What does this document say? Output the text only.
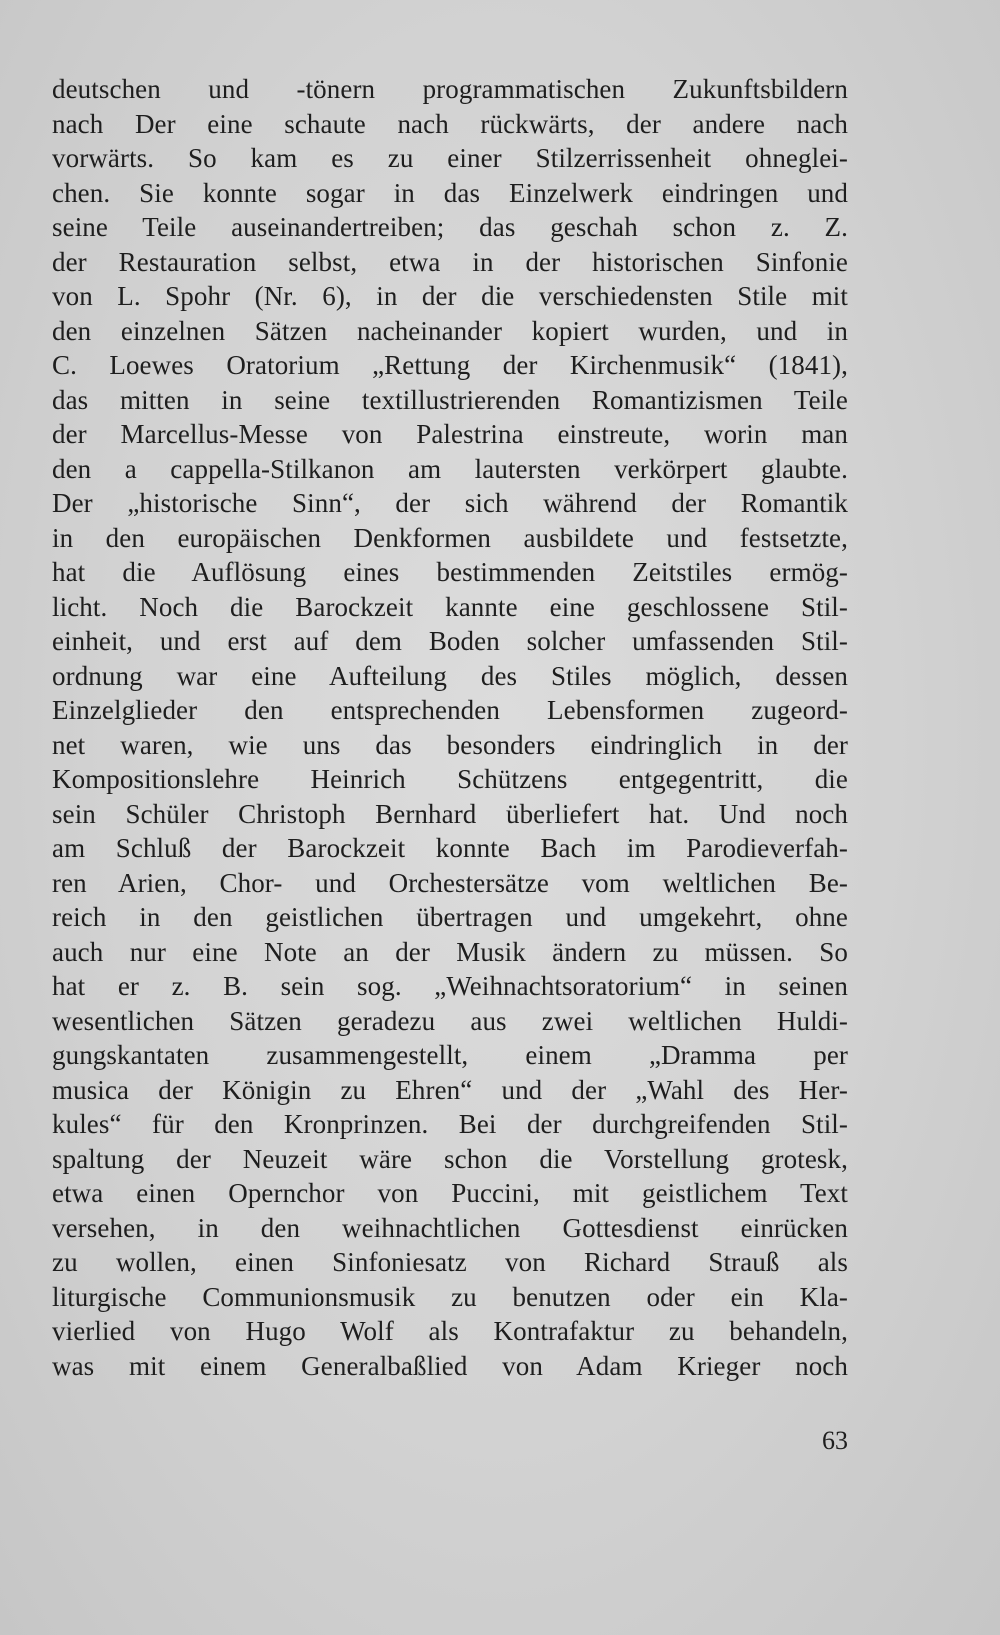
deutschen und -tönern programmatischen Zukunftsbildern
nach Der eine schaute nach rückwärts, der andere nach
vorwärts. So kam es zu einer Stilzerrissenheit ohneglei-
chen. Sie konnte sogar in das Einzelwerk eindringen und
seine Teile auseinandertreiben; das geschah schon z. Z.
der Restauration selbst, etwa in der historischen Sinfonie
von L. Spohr (Nr. 6), in der die verschiedensten Stile mit
den einzelnen Sätzen nacheinander kopiert wurden, und in
C. Loewes Oratorium „Rettung der Kirchenmusik“ (1841),
das mitten in seine textillustrierenden Romantizismen Teile
der Marcellus-Messe von Palestrina einstreute, worin man
den a cappella-Stilkanon am lautersten verkörpert glaubte.
Der „historische Sinn“, der sich während der Romantik
in den europäischen Denkformen ausbildete und festsetzte,
hat die Auflösung eines bestimmenden Zeitstiles ermög-
licht. Noch die Barockzeit kannte eine geschlossene Stil-
einheit, und erst auf dem Boden solcher umfassenden Stil-
ordnung war eine Aufteilung des Stiles möglich, dessen
Einzelglieder den entsprechenden Lebensformen zugeord-
net waren, wie uns das besonders eindringlich in der
Kompositionslehre Heinrich Schützens entgegentritt, die
sein Schüler Christoph Bernhard überliefert hat. Und noch
am Schluß der Barockzeit konnte Bach im Parodieverfah-
ren Arien, Chor- und Orchestersätze vom weltlichen Be-
reich in den geistlichen übertragen und umgekehrt, ohne
auch nur eine Note an der Musik ändern zu müssen. So
hat er z. B. sein sog. „Weihnachtsoratorium“ in seinen
wesentlichen Sätzen geradezu aus zwei weltlichen Huldi-
gungskantaten zusammengestellt, einem „Dramma per
musica der Königin zu Ehren“ und der „Wahl des Her-
kules“ für den Kronprinzen. Bei der durchgreifenden Stil-
spaltung der Neuzeit wäre schon die Vorstellung grotesk,
etwa einen Opernchor von Puccini, mit geistlichem Text
versehen, in den weihnachtlichen Gottesdienst einrücken
zu wollen, einen Sinfoniesatz von Richard Strauß als
liturgische Communionsmusik zu benutzen oder ein Kla-
vierlied von Hugo Wolf als Kontrafaktur zu behandeln,
was mit einem Generalbaßlied von Adam Krieger noch
63
